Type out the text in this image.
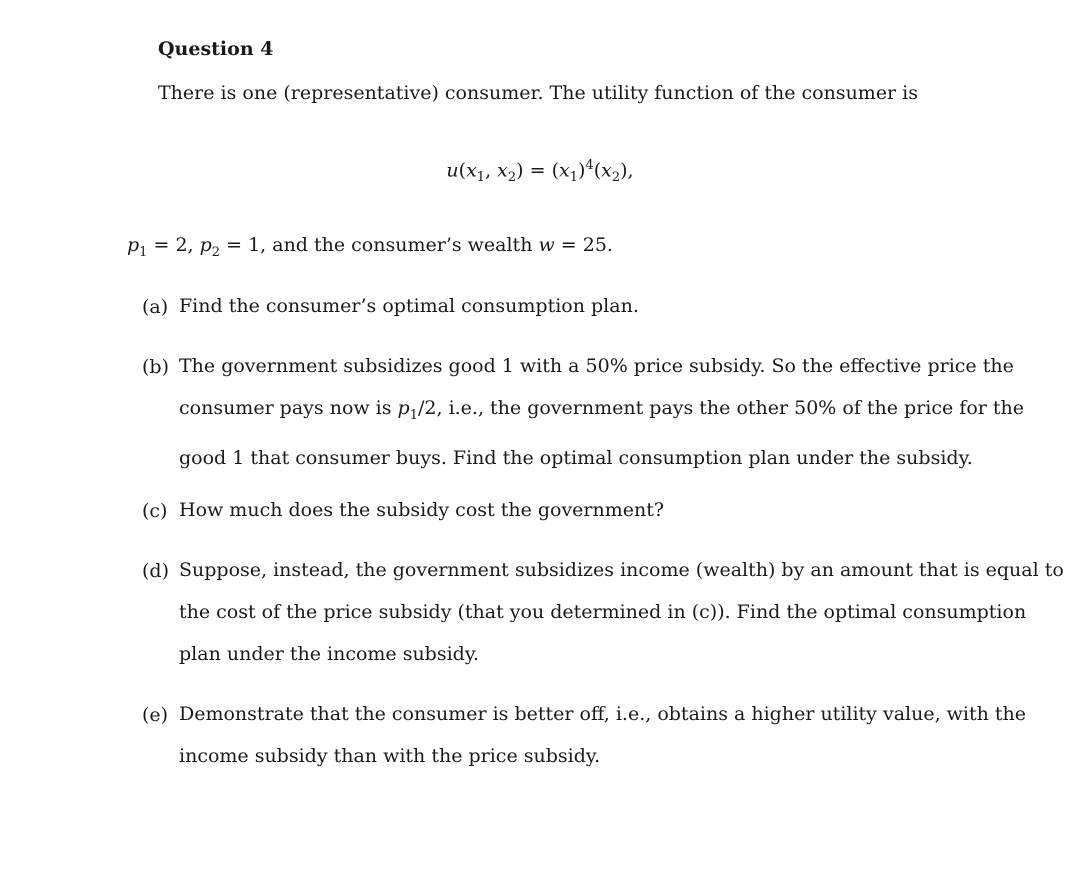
Question 4
There is one (representative) consumer. The utility function of the consumer is
$u(x_1$, $x_2) = (x_1)^4(x_2)$,
$p_1 = 2$, $p_2 = 1$, and the consumer’s wealth w = 25.
(a) Find the consumer’s optimal consumption plan.
(b) The government subsidizes good 1 with a 50% price subsidy. So the effective price the
consumer pays now is $p_1/2$, i.e., the government pays the other 50% of the price for the
good 1 that consumer buys. Find the optimal consumption plan under the subsidy.
(c) How much does the subsidy cost the government?
(d) Suppose, instead, the government subsidizes income (wealth) by an amount that is equal to
the cost of the price subsidy (that you determined in (c)). Find the optimal consumption
plan under the income subsidy.
(e) Demonstrate that the consumer is better off, i.e., obtains a higher utility value, with the
income subsidy than with the price subsidy.
